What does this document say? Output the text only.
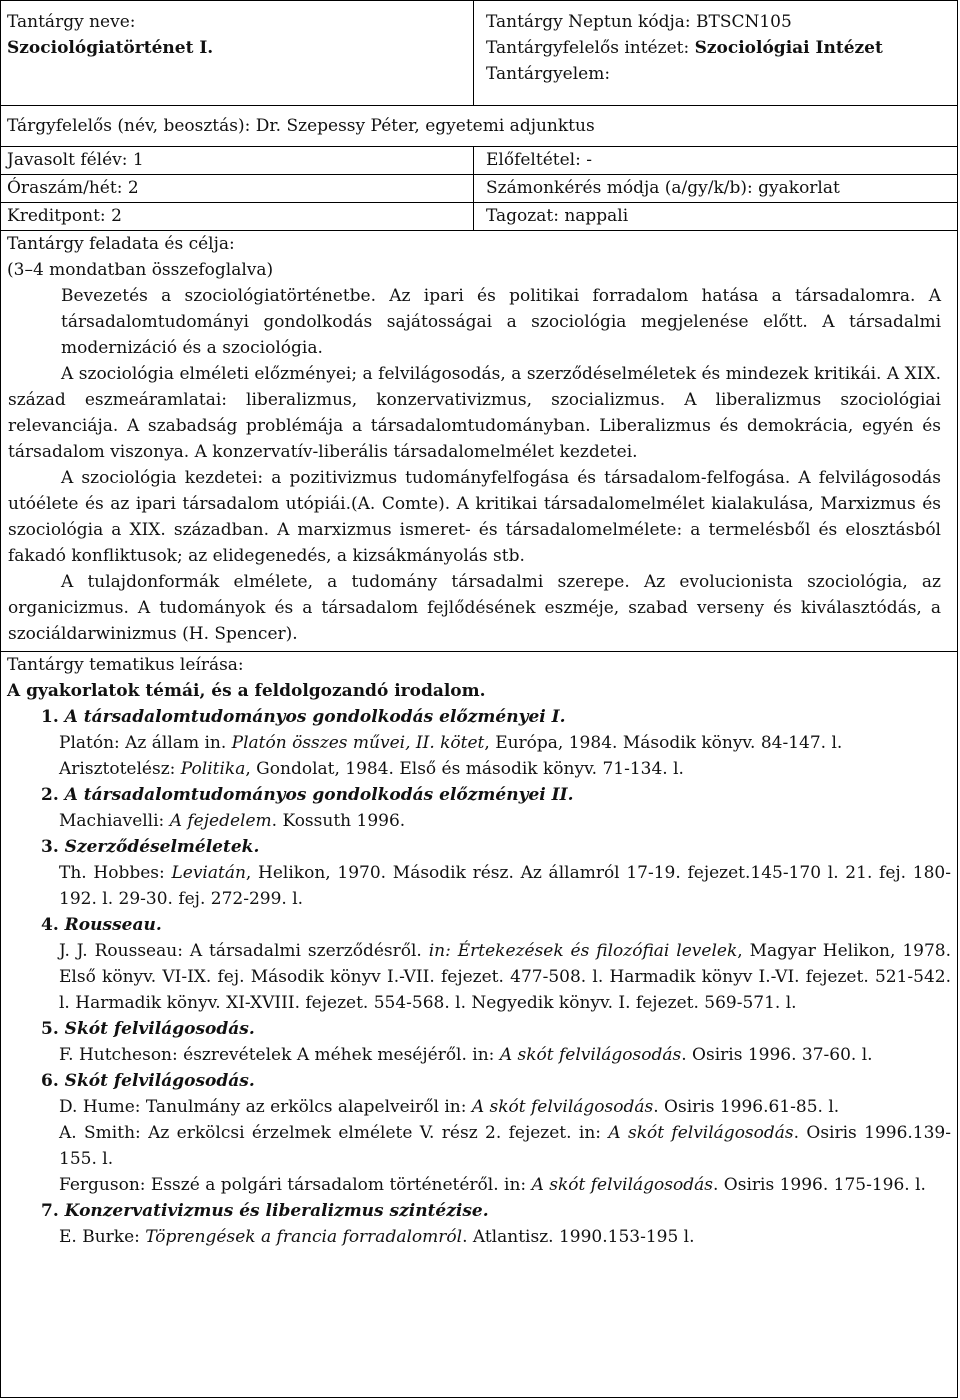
Tantárgy neve:
Szociológiatörténet I.
Tantárgy Neptun kódja: BTSCN105
Tantárgyfelelős intézet: Szociológiai Intézet
Tantárgyelem:
Tárgyfelelős (név, beosztás): Dr. Szepessy Péter, egyetemi adjunktus
Javasolt félév: 1	Előfeltétel: -
Óraszám/hét: 2	Számonkérés módja (a/gy/k/b): gyakorlat
Kreditpont: 2	Tagozat: nappali
Tantárgy feladata és célja:
(3–4 mondatban összefoglalva)

Bevezetés a szociológiatörténetbe. Az ipari és politikai forradalom hatása a társadalomra. A társadalomtudományi gondolkodás sajátosságai a szociológia megjelenése előtt. A társadalmi modernizáció és a szociológia.

A szociológia elméleti előzményei; a felvilágosodás, a szerződéselméletek és mindezek kritikái. A XIX. század eszmeáramlatai: liberalizmus, konzervativizmus, szocializmus. A liberalizmus szociológiai relevanciája. A szabadság problémája a társadalomtudományban. Liberalizmus és demokrácia, egyén és társadalom viszonya. A konzervatív-liberális társadalomelmélet kezdetei.

A szociológia kezdetei: a pozitivizmus tudományfelfogása és társadalom-felfogása. A felvilágosodás utóélete és az ipari társadalom utópiái.(A. Comte). A kritikai társadalomelmélet kialakulása, Marxizmus és szociológia a XIX. században. A marxizmus ismeret- és társadalomelmélete: a termelésből és elosztásból fakadó konfliktusok; az elidegenedés, a kizsákmányolás stb.

A tulajdonformák elmélete, a tudomány társadalmi szerepe. Az evolucionista szociológia, az organicizmus. A tudományok és a társadalom fejlődésének eszméje, szabad verseny és kiválasztódás, a szociáldarwinizmus (H. Spencer).

Tantárgy tematikus leírása:
A gyakorlatok témái, és a feldolgozandó irodalom.

1. A társadalomtudományos gondolkodás előzményei I.

Platón: Az állam in. Platón összes művei, II. kötet, Európa, 1984. Második könyv. 84-147. l.

Arisztotelész: Politika, Gondolat, 1984. Első és második könyv. 71-134. l.

2. A társadalomtudományos gondolkodás előzményei II.

Machiavelli: A fejedelem. Kossuth 1996.

3. Szerződéselméletek.

Th. Hobbes: Leviatán, Helikon, 1970. Második rész. Az államról 17-19. fejezet.145-170 l. 21. fej. 180-192. l. 29-30. fej. 272-299. l.

4. Rousseau.

J. J. Rousseau: A társadalmi szerződésről. in: Értekezések és filozófiai levelek, Magyar Helikon, 1978. Első könyv. VI-IX. fej. Második könyv I.-VII. fejezet. 477-508. l. Harmadik könyv I.-VI. fejezet. 521-542. l. Harmadik könyv. XI-XVIII. fejezet. 554-568. l. Negyedik könyv. I. fejezet. 569-571. l.

5. Skót felvilágosodás.

F. Hutcheson: észrevételek A méhek meséjéről. in: A skót felvilágosodás. Osiris 1996. 37-60. l.

6. Skót felvilágosodás.

D. Hume: Tanulmány az erkölcs alapelveiről in: A skót felvilágosodás. Osiris 1996.61-85. l.

A. Smith: Az erkölcsi érzelmek elmélete V. rész 2. fejezet. in: A skót felvilágosodás. Osiris 1996.139-155. l.

Ferguson: Esszé a polgári társadalom történetéről. in: A skót felvilágosodás. Osiris 1996. 175-196. l.

7. Konzervativizmus és liberalizmus szintézise.

E. Burke: Töprengések a francia forradalomról. Atlantisz. 1990.153-195 l.
